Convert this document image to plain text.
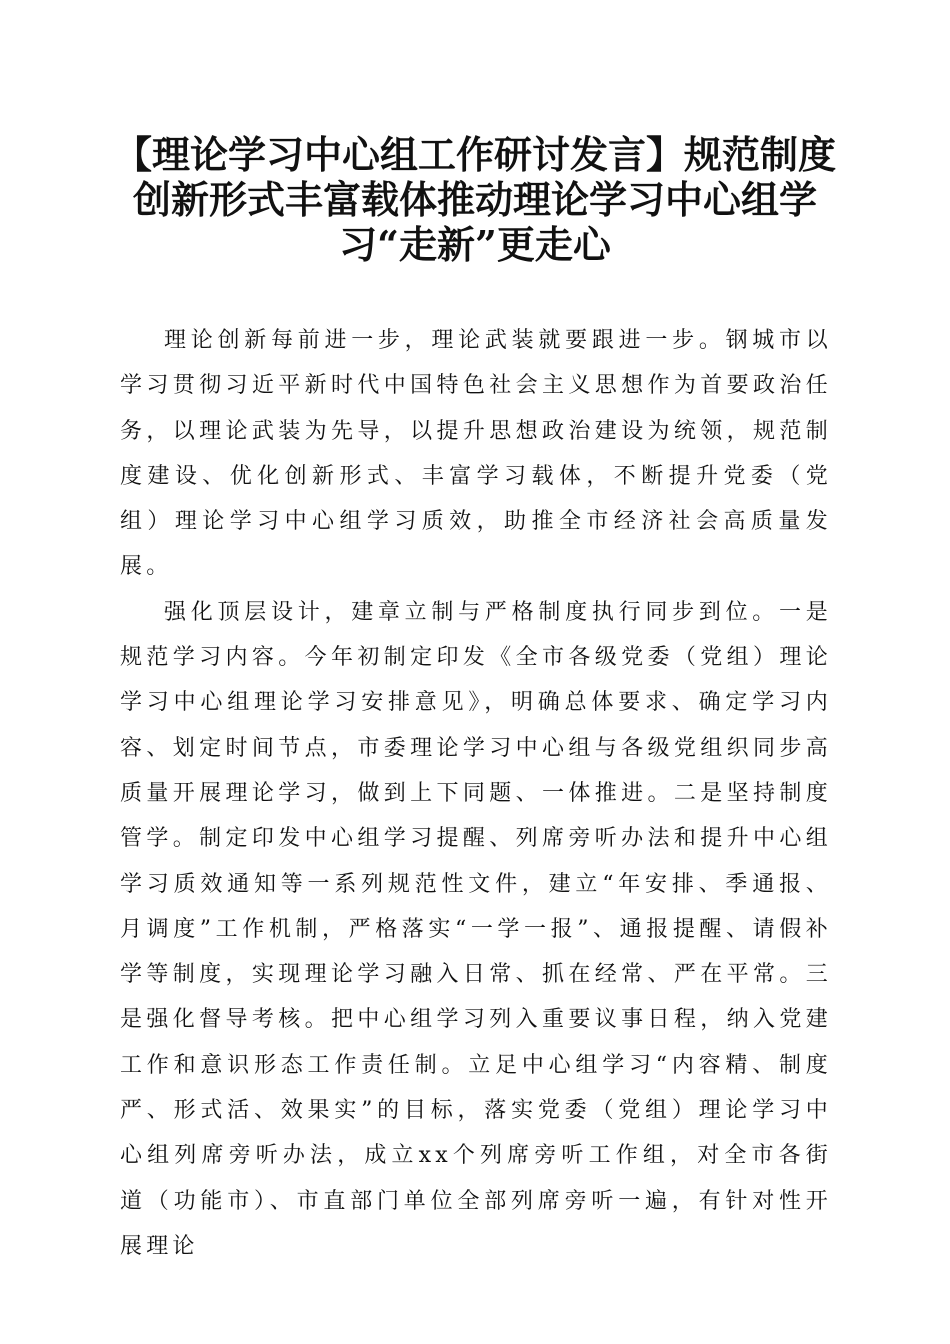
【理论学习中心组工作研讨发言】规范制度创新形式丰富载体推动理论学习中心组学习“走新”更走心

理论创新每前进一步，理论武装就要跟进一步。钢城市以学习贯彻习近平新时代中国特色社会主义思想作为首要政治任务，以理论武装为先导，以提升思想政治建设为统领，规范制度建设、优化创新形式、丰富学习载体，不断提升党委（党组）理论学习中心组学习质效，助推全市经济社会高质量发展。

强化顶层设计，建章立制与严格制度执行同步到位。一是规范学习内容。今年初制定印发《全市各级党委（党组）理论学习中心组理论学习安排意见》，明确总体要求、确定学习内容、划定时间节点，市委理论学习中心组与各级党组织同步高质量开展理论学习，做到上下同题、一体推进。二是坚持制度管学。制定印发中心组学习提醒、列席旁听办法和提升中心组学习质效通知等一系列规范性文件，建立“年安排、季通报、月调度”工作机制，严格落实“一学一报”、通报提醒、请假补学等制度，实现理论学习融入日常、抓在经常、严在平常。三是强化督导考核。把中心组学习列入重要议事日程，纳入党建工作和意识形态工作责任制。立足中心组学习“内容精、制度严、形式活、效果实”的目标，落实党委（党组）理论学习中心组列席旁听办法，成立xx个列席旁听工作组，对全市各街道（功能市）、市直部门单位全部列席旁听一遍，有针对性开展理论
